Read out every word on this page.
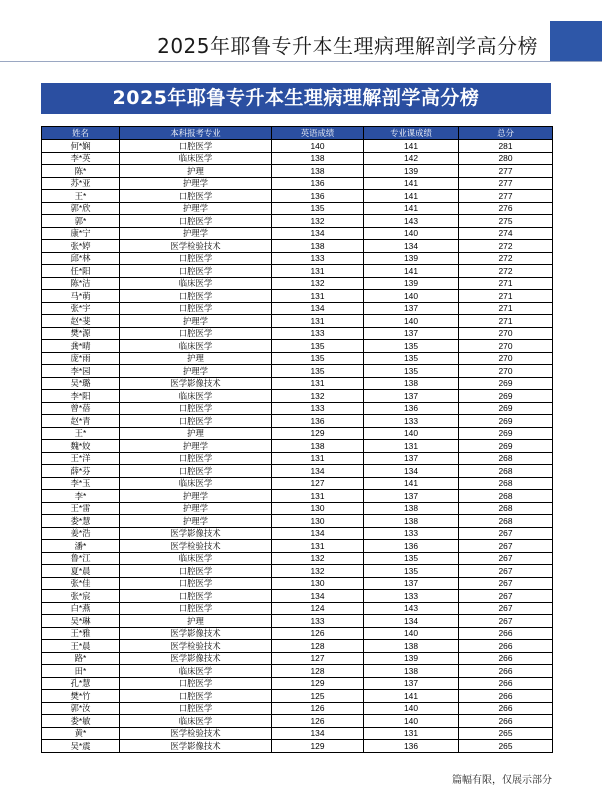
2025年耶鲁专升本生理病理解剖学高分榜
2025年耶鲁专升本生理病理解剖学高分榜
姓名	本科报考专业	英语成绩	专业课成绩	总分
何*娴	口腔医学	140	141	281
李*英	临床医学	138	142	280
陈*	护理	138	139	277
苏*亚	护理学	136	141	277
王*	口腔医学	136	141	277
郭*欣	护理学	135	141	276
郭*	口腔医学	132	143	275
康*宁	护理学	134	140	274
张*婷	医学检验技术	138	134	272
邱*林	口腔医学	133	139	272
任*阳	口腔医学	131	141	272
陈*洁	临床医学	132	139	271
马*萌	口腔医学	131	140	271
张*宇	口腔医学	134	137	271
赵*斐	护理学	131	140	271
樊*源	口腔医学	133	137	270
龚*晴	临床医学	135	135	270
庞*雨	护理	135	135	270
李*园	护理学	135	135	270
吴*璐	医学影像技术	131	138	269
李*阳	临床医学	132	137	269
曾*蓓	口腔医学	133	136	269
赵*青	口腔医学	136	133	269
王*	护理	129	140	269
魏*姣	护理学	138	131	269
王*洋	口腔医学	131	137	268
薛*芬	口腔医学	134	134	268
李*玉	临床医学	127	141	268
李*	护理学	131	137	268
王*雷	护理学	130	138	268
娄*慧	护理学	130	138	268
姜*浩	医学影像技术	134	133	267
潘*	医学检验技术	131	136	267
鲁*江	临床医学	132	135	267
夏*晨	口腔医学	132	135	267
张*佳	口腔医学	130	137	267
张*宸	口腔医学	134	133	267
白*燕	口腔医学	124	143	267
吴*琳	护理	133	134	267
王*雅	医学影像技术	126	140	266
王*晨	医学检验技术	128	138	266
路*	医学影像技术	127	139	266
田*	临床医学	128	138	266
孔*慧	口腔医学	129	137	266
樊*竹	口腔医学	125	141	266
郭*汝	口腔医学	126	140	266
娄*敏	临床医学	126	140	266
黄*	医学检验技术	134	131	265
吴*震	医学影像技术	129	136	265
篇幅有限，仅展示部分
